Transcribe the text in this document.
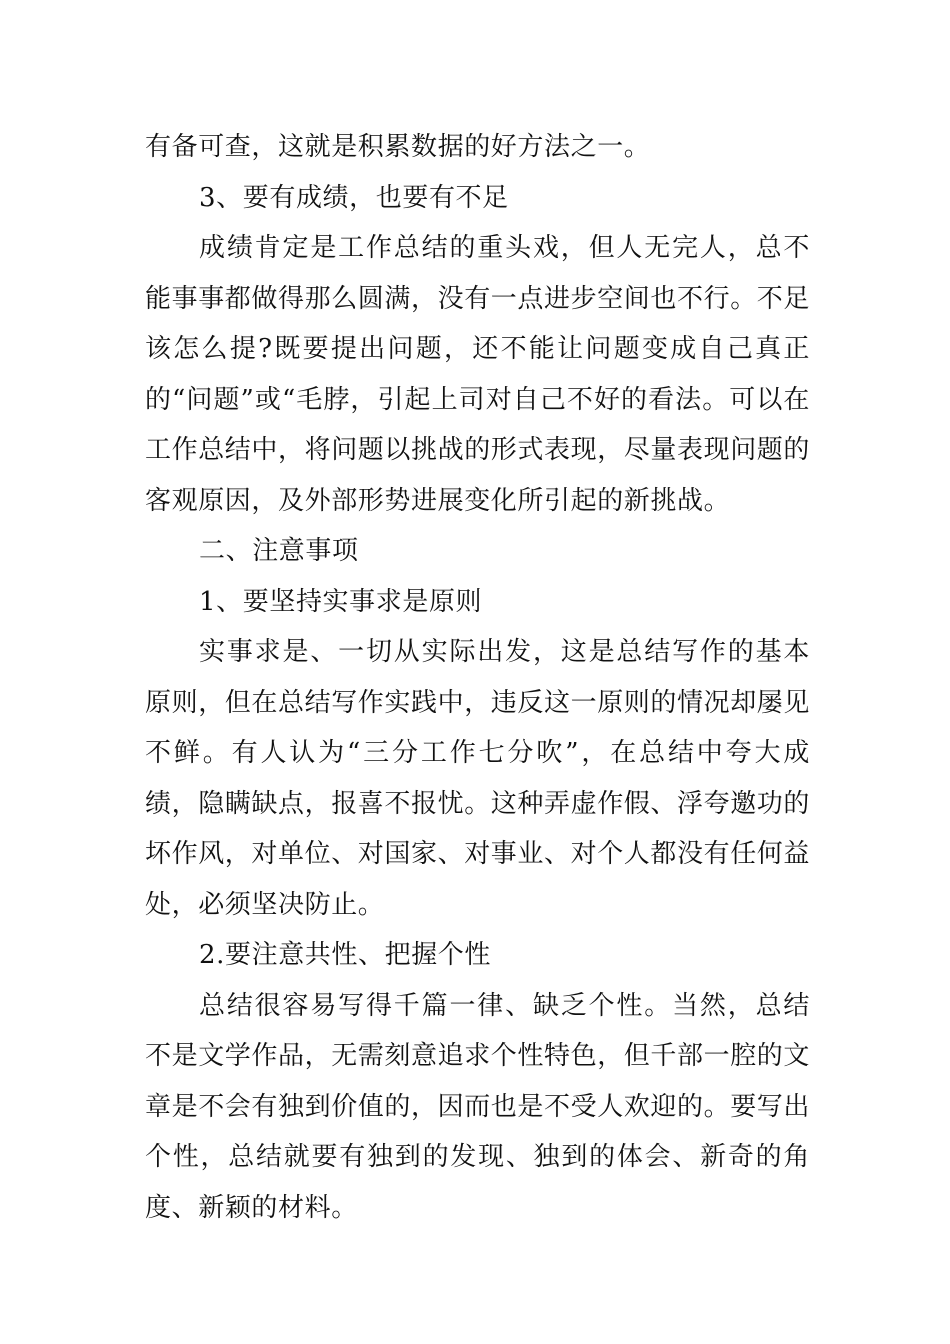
有备可查，这就是积累数据的好方法之一。

3、要有成绩，也要有不足

成绩肯定是工作总结的重头戏，但人无完人，总不能事事都做得那么圆满，没有一点进步空间也不行。不足该怎么提?既要提出问题，还不能让问题变成自己真正的“问题”或“毛脖，引起上司对自己不好的看法。可以在工作总结中，将问题以挑战的形式表现，尽量表现问题的客观原因，及外部形势进展变化所引起的新挑战。

二、注意事项

1、要坚持实事求是原则

实事求是、一切从实际出发，这是总结写作的基本原则，但在总结写作实践中，违反这一原则的情况却屡见不鲜。有人认为“三分工作七分吹”，在总结中夸大成绩，隐瞒缺点，报喜不报忧。这种弄虚作假、浮夸邀功的坏作风，对单位、对国家、对事业、对个人都没有任何益处，必须坚决防止。

2.要注意共性、把握个性

总结很容易写得千篇一律、缺乏个性。当然，总结不是文学作品，无需刻意追求个性特色，但千部一腔的文章是不会有独到价值的，因而也是不受人欢迎的。要写出个性，总结就要有独到的发现、独到的体会、新奇的角度、新颖的材料。
